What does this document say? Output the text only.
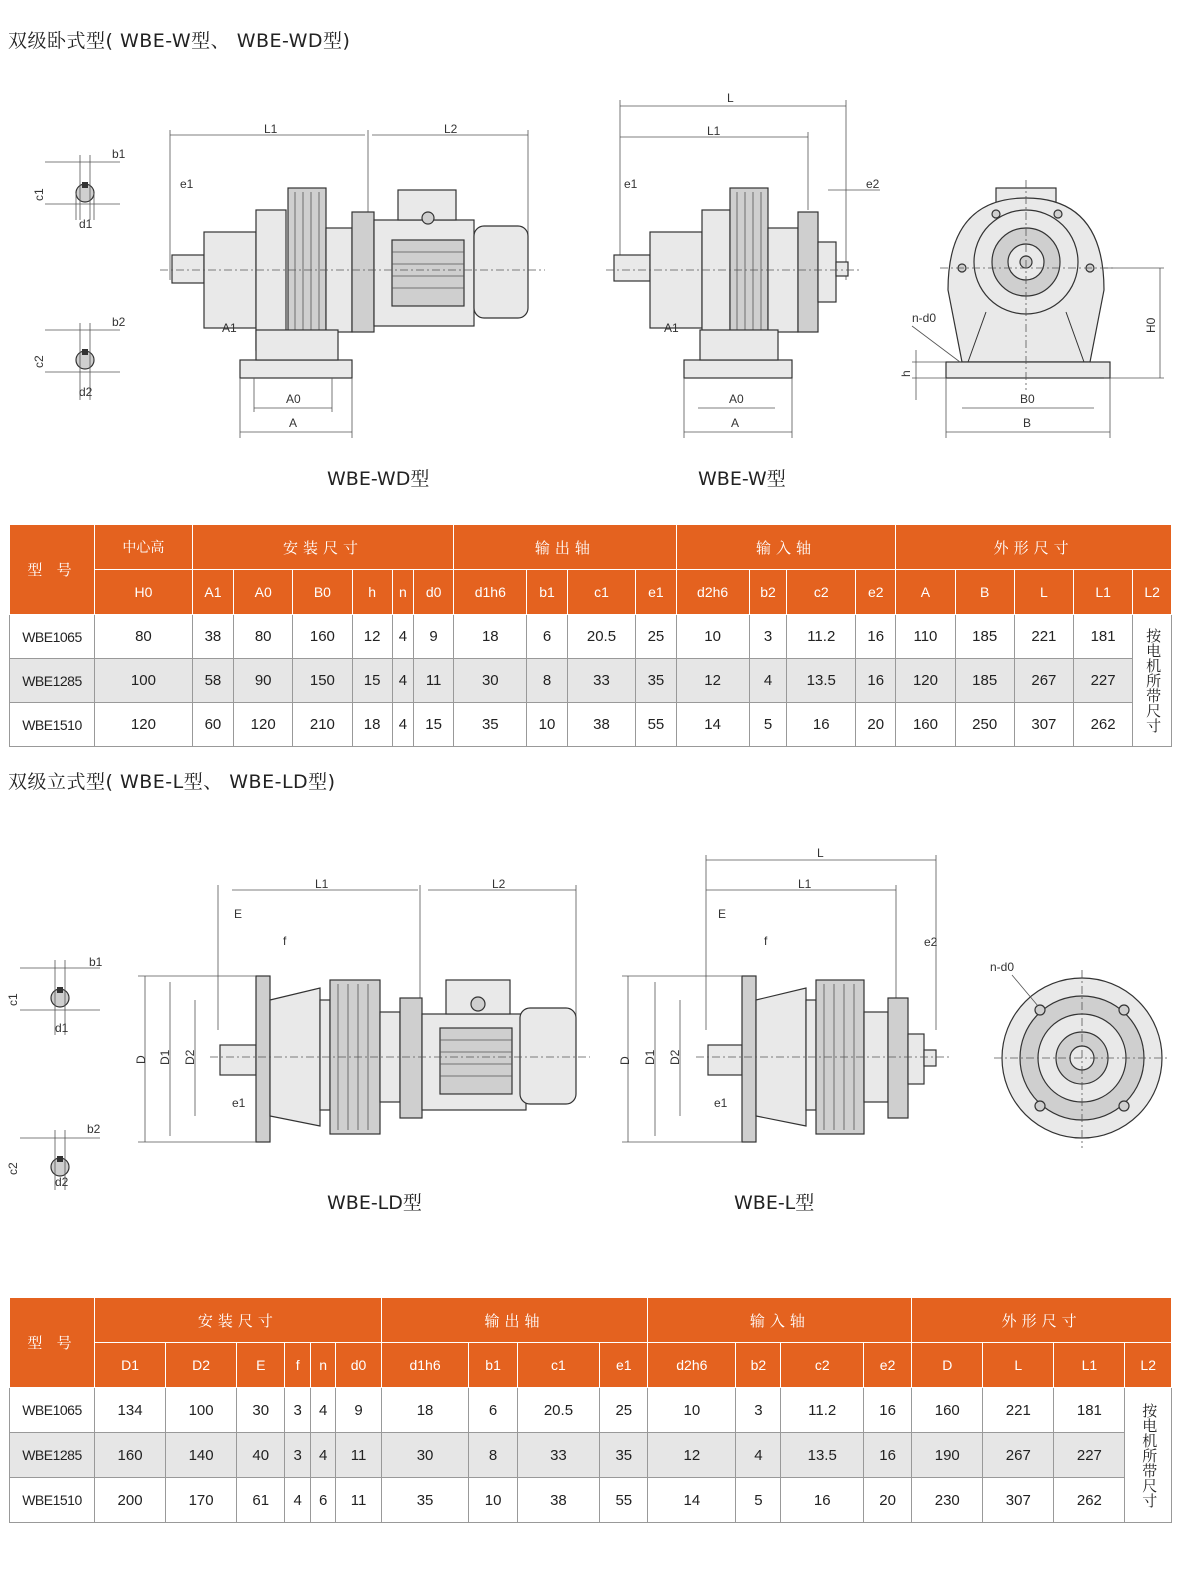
双级卧式型( WBE-W型、 WBE-WD型)
b1
c1
d1
b2
c2
d2
L1	L2
e1
A1
A0
A
L
L1
e1	e2
A1
A0
A
H0
n-d0
h
B0
B
WBE-WD型	WBE-W型
型 号	中心高	安装尺寸						输出轴				输入轴				外形尺寸				
	H0	A1	A0	B0	h	n	d0	d1h6	b1	c1	e1	d2h6	b2	c2	e2	A	B	L	L1	L2
WBE1065	80	38	80	160	12	4	9	18	6	20.5	25	10	3	11.2	16	110	185	221	181	按电机所带尺寸
WBE1285	100	58	90	150	15	4	11	30	8	33	35	12	4	13.5	16	120	185	267	227	
WBE1510	120	60	120	210	18	4	15	35	10	38	55	14	5	16	20	160	250	307	262	
双级立式型( WBE-L型、 WBE-LD型)
b1
c1
d1
b2
c2
d2
L1	L2
E
f
e1
D D1 D2
L
L1
E
f	e2
e1
D D1 D2
n-d0
WBE-LD型	WBE-L型
型 号	安装尺寸						输出轴				输入轴				外形尺寸			
	D1	D2	E	f	n	d0	d1h6	b1	c1	e1	d2h6	b2	c2	e2	D	L	L1	L2
WBE1065	134	100	30	3	4	9	18	6	20.5	25	10	3	11.2	16	160	221	181	按电机所带尺寸
WBE1285	160	140	40	3	4	11	30	8	33	35	12	4	13.5	16	190	267	227	
WBE1510	200	170	61	4	6	11	35	10	38	55	14	5	16	20	230	307	262	
